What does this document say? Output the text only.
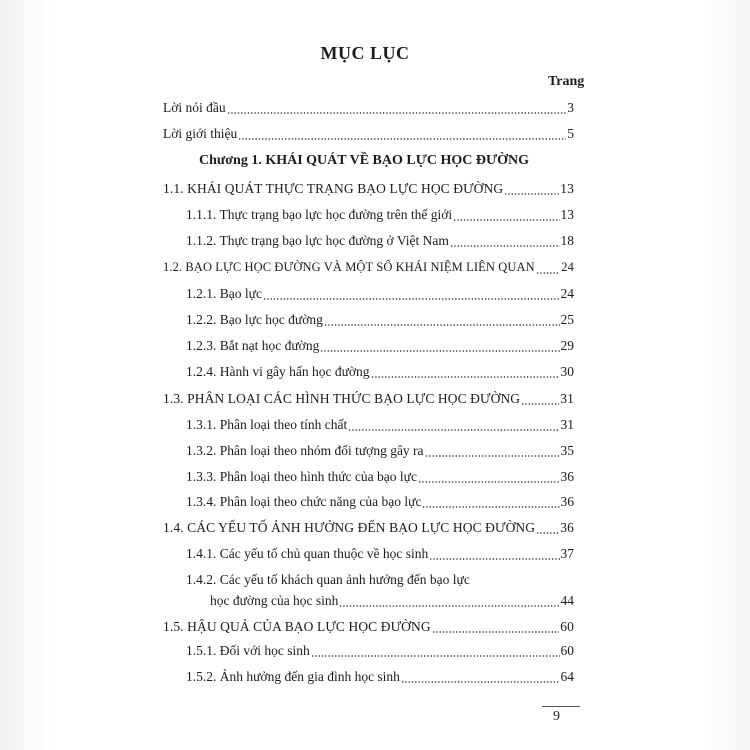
MỤC LỤC
Trang
Lời nói đầu	3
Lời giới thiệu	5
Chương 1. KHÁI QUÁT VỀ BẠO LỰC HỌC ĐƯỜNG
1.1. KHÁI QUÁT THỰC TRẠNG BẠO LỰC HỌC ĐƯỜNG	13
1.1.1. Thực trạng bạo lực học đường trên thế giới	13
1.1.2. Thực trạng bạo lực học đường ở Việt Nam	18
1.2. BẠO LỰC HỌC ĐƯỜNG VÀ MỘT SỐ KHÁI NIỆM LIÊN QUAN 24
1.2.1. Bạo lực	24
1.2.2. Bạo lực học đường	25
1.2.3. Bắt nạt học đường	29
1.2.4. Hành vi gây hấn học đường	30
1.3. PHÂN LOẠI CÁC HÌNH THỨC BẠO LỰC HỌC ĐƯỜNG	31
1.3.1. Phân loại theo tính chất	31
1.3.2. Phân loại theo nhóm đối tượng gây ra	35
1.3.3. Phân loại theo hình thức của bạo lực	36
1.3.4. Phân loại theo chức năng của bạo lực	36
1.4. CÁC YẾU TỐ ẢNH HƯỞNG ĐẾN BẠO LỰC HỌC ĐƯỜNG 36
1.4.1. Các yếu tố chủ quan thuộc về học sinh	37
1.4.2. Các yếu tố khách quan ảnh hưởng đến bạo lực
học đường của học sinh	44
1.5. HẬU QUẢ CỦA BẠO LỰC HỌC ĐƯỜNG	60
1.5.1. Đối với học sinh	60
1.5.2. Ảnh hưởng đến gia đình học sinh	64
9
